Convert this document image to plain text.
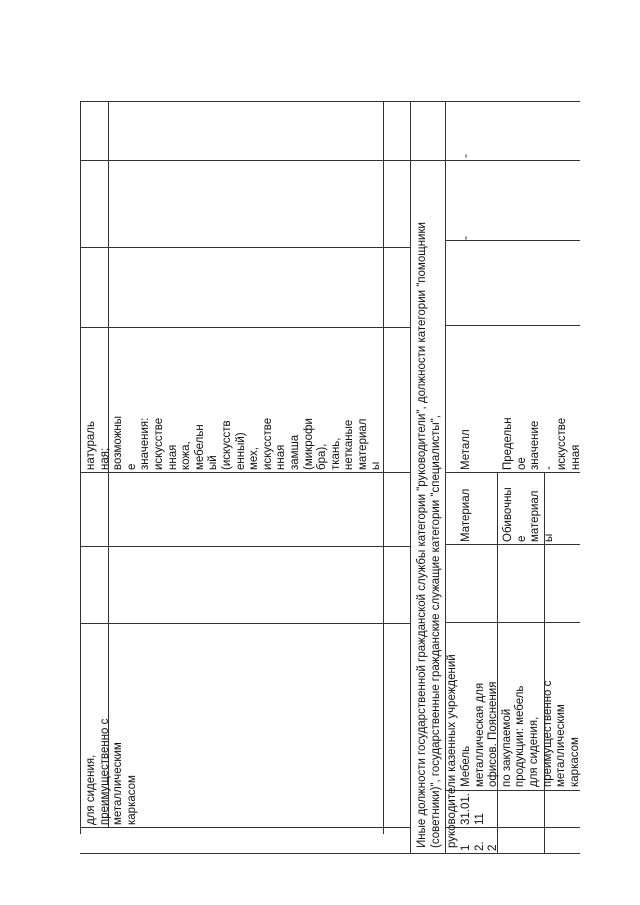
для сидения,
преимущественно с
металлическим
каркасом
натураль
ная;
возможны
е
значения:
искусстве
нная
кожа,
мебельн
ый
(искусств
енный)
мех,
искусстве
нная
замша
(микрофи
бра),
ткань,
нетканые
материал
ы
Иные должности государственной гражданской службы категории "руководители", должности категории "помощники
(советники)", государственные гражданские служащие категории "специалисты",
руководители казенных учреждений 1
2.
2
31.01.
11
Мебель
металлическая для
офисов. Пояснения
по закупаемой
продукции: мебель
для сидения,
преимущественно с
металлическим
каркасом
Материал
Металл
-
-
Обивочны
е
материал
ы
Предельн
ое
значение
-
искусстве
нная
